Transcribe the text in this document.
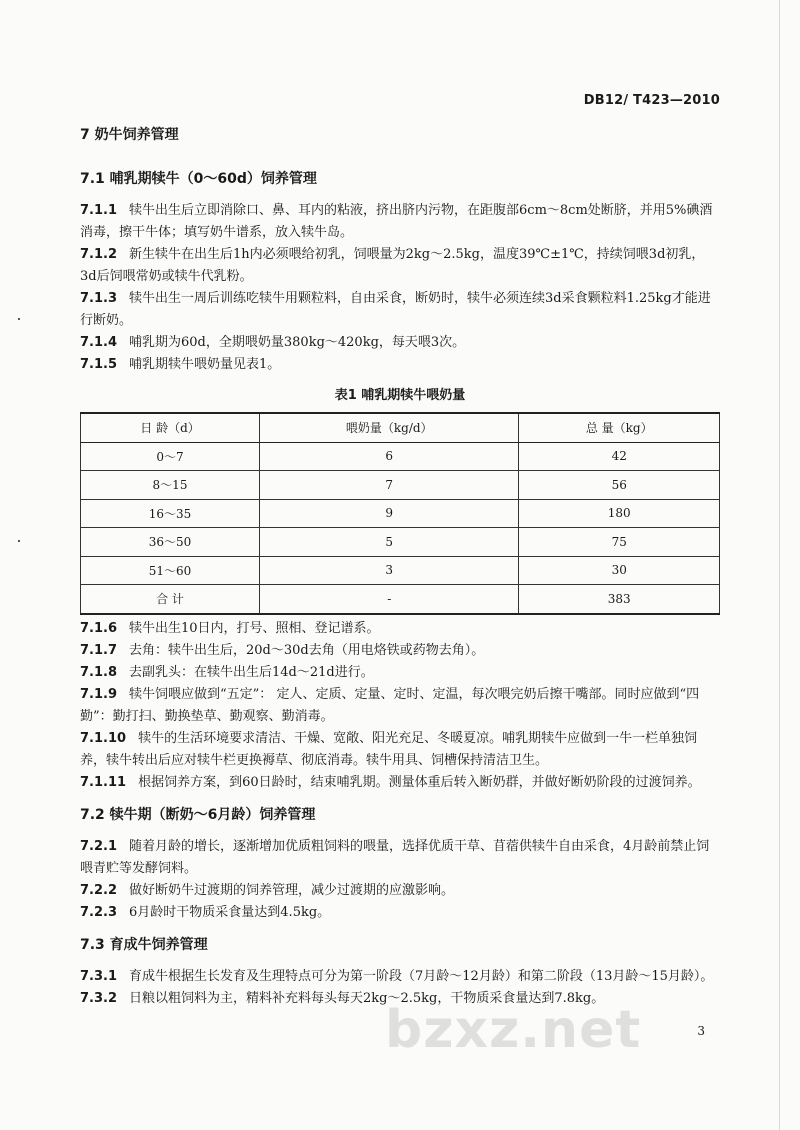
DB12/ T423—2010
7 奶牛饲养管理
7.1 哺乳期犊牛（0～60d）饲养管理

7.1.1 犊牛出生后立即消除口、鼻、耳内的粘液，挤出脐内污物，在距腹部6cm～8cm处断脐，并用5%碘酒消毒，擦干牛体；填写奶牛谱系，放入犊牛岛。

7.1.2 新生犊牛在出生后1h内必须喂给初乳，饲喂量为2kg～2.5kg，温度39℃±1℃，持续饲喂3d初乳，3d后饲喂常奶或犊牛代乳粉。

7.1.3 犊牛出生一周后训练吃犊牛用颗粒料，自由采食，断奶时，犊牛必须连续3d采食颗粒料1.25kg才能进行断奶。

7.1.4 哺乳期为60d，全期喂奶量380kg～420kg，每天喂3次。

7.1.5 哺乳期犊牛喂奶量见表1。

表1 哺乳期犊牛喂奶量
日 龄（d）	喂奶量（kg/d）	总 量（kg）
0～7	6	42
8～15	7	56
16～35	9	180
36～50	5	75
51～60	3	30
合 计	-	383

7.1.6 犊牛出生10日内，打号、照相、登记谱系。

7.1.7 去角：犊牛出生后，20d～30d去角（用电烙铁或药物去角）。

7.1.8 去副乳头：在犊牛出生后14d～21d进行。

7.1.9 犊牛饲喂应做到“五定”： 定人、定质、定量、定时、定温，每次喂完奶后擦干嘴部。同时应做到“四勤”：勤打扫、勤换垫草、勤观察、勤消毒。

7.1.10 犊牛的生活环境要求清洁、干燥、宽敞、阳光充足、冬暖夏凉。哺乳期犊牛应做到一牛一栏单独饲养，犊牛转出后应对犊牛栏更换褥草、彻底消毒。犊牛用具、饲槽保持清洁卫生。

7.1.11 根据饲养方案，到60日龄时，结束哺乳期。测量体重后转入断奶群，并做好断奶阶段的过渡饲养。

7.2 犊牛期（断奶～6月龄）饲养管理

7.2.1 随着月龄的增长，逐渐增加优质粗饲料的喂量，选择优质干草、苜蓿供犊牛自由采食，4月龄前禁止饲喂青贮等发酵饲料。

7.2.2 做好断奶牛过渡期的饲养管理，减少过渡期的应激影响。

7.2.3 6月龄时干物质采食量达到4.5kg。

7.3 育成牛饲养管理

7.3.1 育成牛根据生长发育及生理特点可分为第一阶段（7月龄～12月龄）和第二阶段（13月龄～15月龄）。

7.3.2 日粮以粗饲料为主，精料补充料每头每天2kg～2.5kg，干物质采食量达到7.8kg。

bzxz.net	3
